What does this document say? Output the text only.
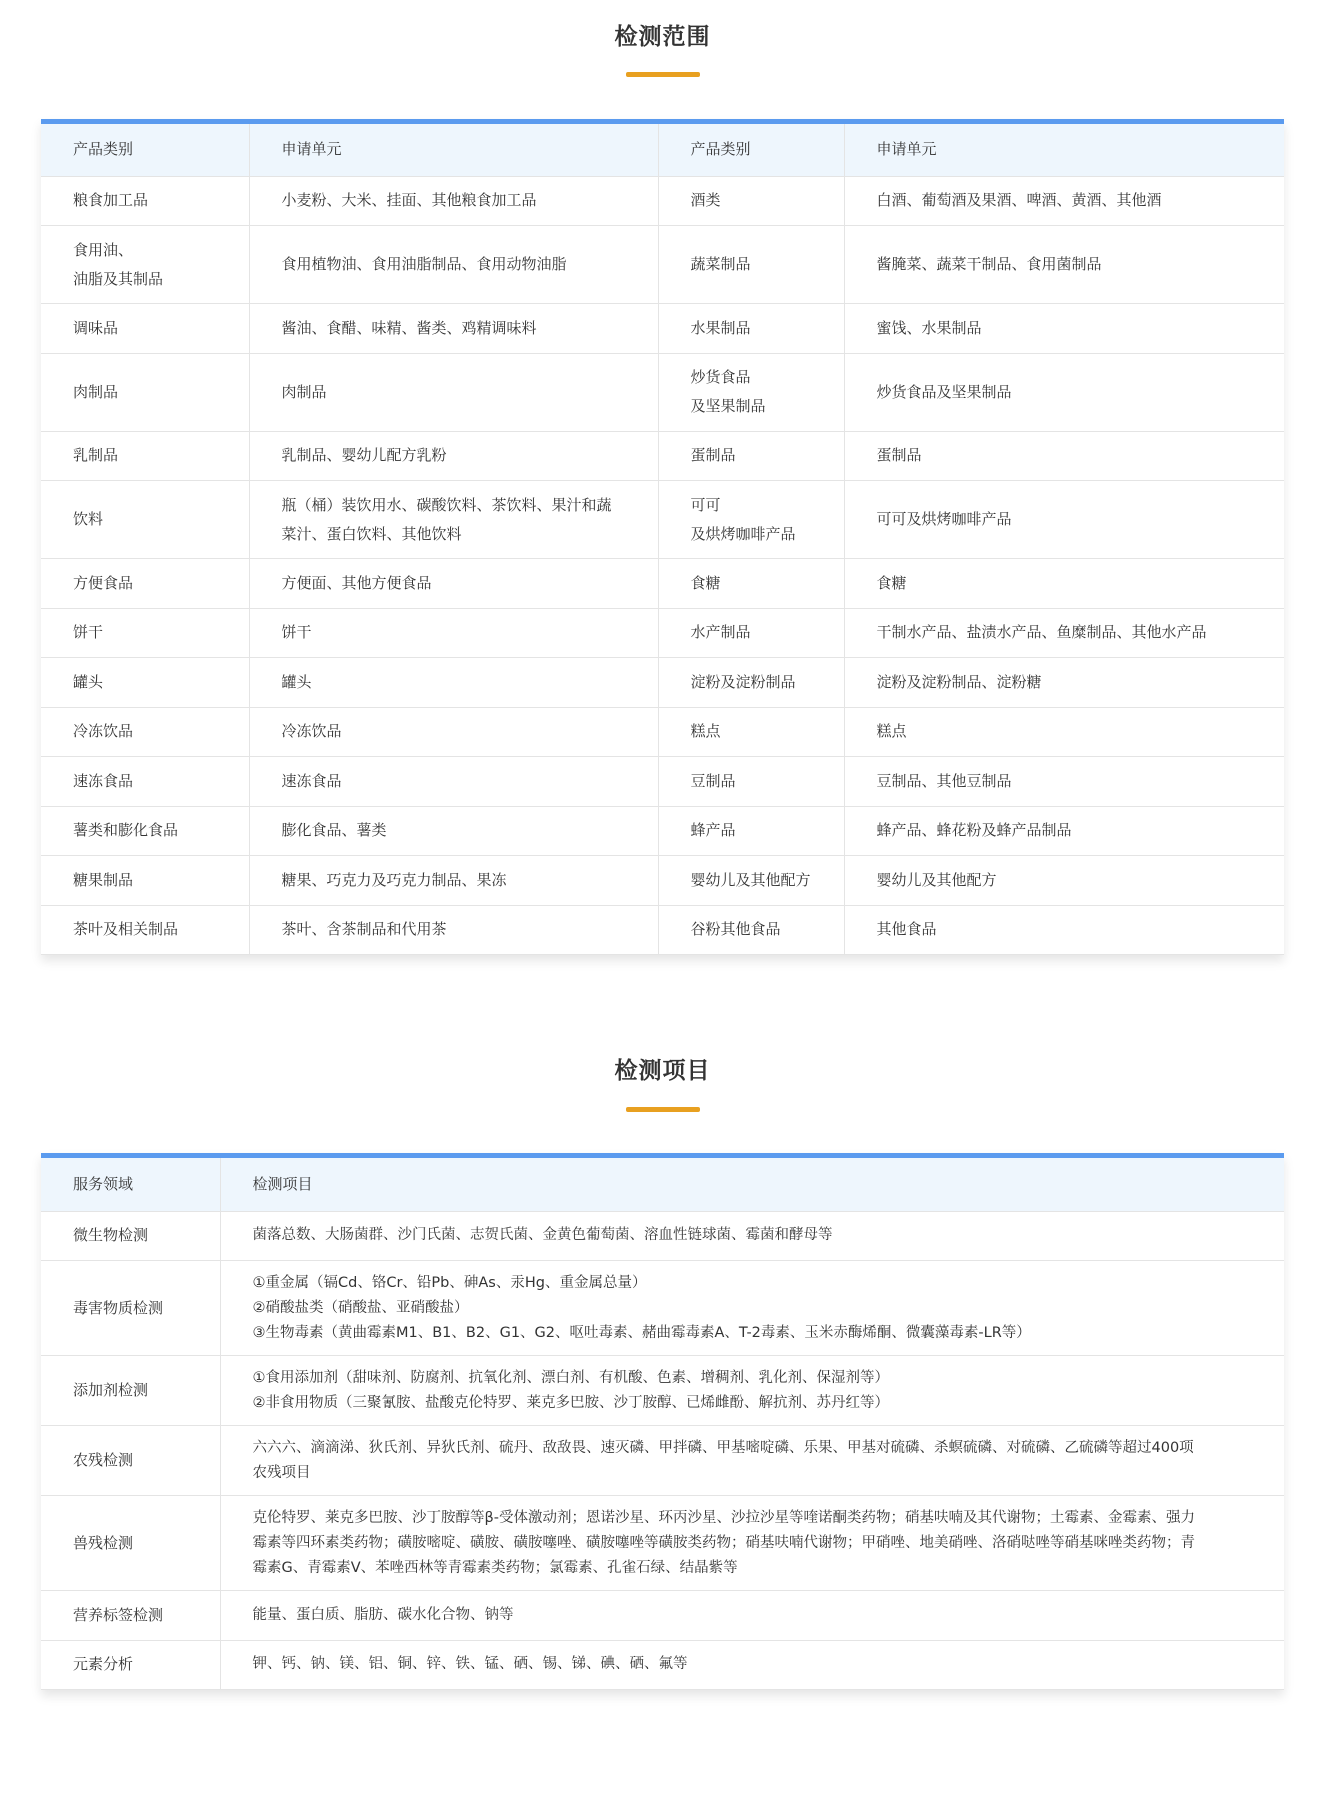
检测范围
产品类别	申请单元	产品类别	申请单元

粮食加工品	小麦粉、大米、挂面、其他粮食加工品	酒类	白酒、葡萄酒及果酒、啤酒、黄酒、其他酒

食用油、
油脂及其制品	食用植物油、食用油脂制品、食用动物油脂	蔬菜制品	酱腌菜、蔬菜干制品、食用菌制品

调味品	酱油、食醋、味精、酱类、鸡精调味料	水果制品	蜜饯、水果制品

肉制品	肉制品	炒货食品
及坚果制品	炒货食品及坚果制品

乳制品	乳制品、婴幼儿配方乳粉	蛋制品	蛋制品

饮料	瓶（桶）装饮用水、碳酸饮料、茶饮料、果汁和蔬
菜汁、蛋白饮料、其他饮料	可可
及烘烤咖啡产品	可可及烘烤咖啡产品

方便食品	方便面、其他方便食品	食糖	食糖

饼干	饼干	水产制品	干制水产品、盐渍水产品、鱼糜制品、其他水产品

罐头	罐头	淀粉及淀粉制品	淀粉及淀粉制品、淀粉糖

冷冻饮品	冷冻饮品	糕点	糕点

速冻食品	速冻食品	豆制品	豆制品、其他豆制品

薯类和膨化食品	膨化食品、薯类	蜂产品	蜂产品、蜂花粉及蜂产品制品

糖果制品	糖果、巧克力及巧克力制品、果冻	婴幼儿及其他配方	婴幼儿及其他配方

茶叶及相关制品	茶叶、含茶制品和代用茶	谷粉其他食品	其他食品
检测项目
服务领域	检测项目
微生物检测	菌落总数、大肠菌群、沙门氏菌、志贺氏菌、金黄色葡萄菌、溶血性链球菌、霉菌和酵母等

毒害物质检测	①重金属（镉Cd、铬Cr、铅Pb、砷As、汞Hg、重金属总量）
②硝酸盐类（硝酸盐、亚硝酸盐）
③生物毒素（黄曲霉素M1、B1、B2、G1、G2、呕吐毒素、赭曲霉毒素A、T-2毒素、玉米赤酶烯酮、微囊藻毒素-LR等）

添加剂检测	①食用添加剂（甜味剂、防腐剂、抗氧化剂、漂白剂、有机酸、色素、增稠剂、乳化剂、保湿剂等）
②非食用物质（三聚氰胺、盐酸克伦特罗、莱克多巴胺、沙丁胺醇、已烯雌酚、解抗剂、苏丹红等）

农残检测	六六六、滴滴涕、狄氏剂、异狄氏剂、硫丹、敌敌畏、速灭磷、甲拌磷、甲基嘧啶磷、乐果、甲基对硫磷、杀螟硫磷、对硫磷、乙硫磷等超过400项
农残项目

兽残检测	克伦特罗、莱克多巴胺、沙丁胺醇等β-受体激动剂；恩诺沙星、环丙沙星、沙拉沙星等喹诺酮类药物；硝基呋喃及其代谢物；土霉素、金霉素、强力
霉素等四环素类药物；磺胺嘧啶、磺胺、磺胺噻唑、磺胺噻唑等磺胺类药物；硝基呋喃代谢物；甲硝唑、地美硝唑、洛硝哒唑等硝基咪唑类药物；青
霉素G、青霉素V、苯唑西林等青霉素类药物；氯霉素、孔雀石绿、结晶紫等

营养标签检测	能量、蛋白质、脂肪、碳水化合物、钠等

元素分析	钾、钙、钠、镁、铝、铜、锌、铁、锰、硒、锡、锑、碘、硒、氟等
